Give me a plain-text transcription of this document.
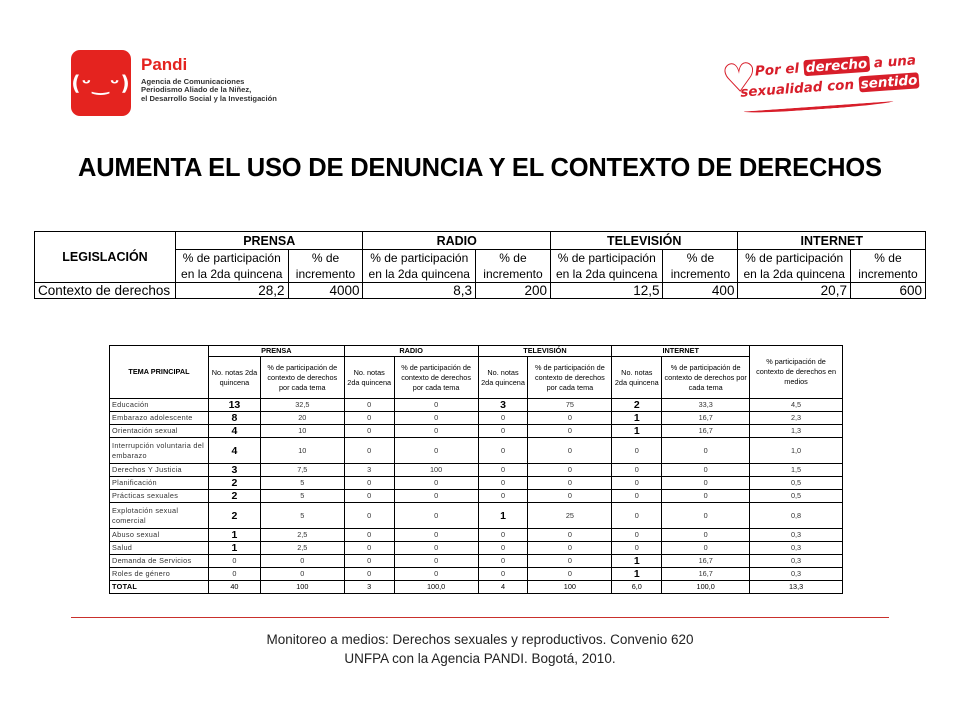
(ᵕ‿ᵕ)
Pandi
Agencia de Comunicaciones
Periodismo Aliado de la Niñez,
el Desarrollo Social y la Investigación	♡
Por el derecho a una
sexualidad con sentido
AUMENTA EL USO DE DENUNCIA Y EL CONTEXTO DE DERECHOS
LEGISLACIÓN	PRENSA		RADIO		TELEVISIÓN		INTERNET	
	% de participación en la 2da quincena	% de incremento	% de participación en la 2da quincena	% de incremento	% de participación en la 2da quincena	% de incremento	% de participación en la 2da quincena	% de incremento
Contexto de derechos	28,2	4000	8,3	200	12,5	400	20,7	600
TEMA PRINCIPAL	PRENSA		RADIO		TELEVISIÓN		INTERNET		% participación de contexto de derechos en medios
	No. notas 2da quincena	% de participación de contexto de derechos por cada tema	No. notas 2da quincena	% de participación de contexto de derechos por cada tema	No. notas 2da quincena	% de participación de contexto de derechos por cada tema	No. notas 2da quincena	% de participación de contexto de derechos por cada tema	
Educación	13	32,5	0	0	3	75	2	33,3	4,5
Embarazo adolescente	8	20	0	0	0	0	1	16,7	2,3
Orientación sexual	4	10	0	0	0	0	1	16,7	1,3
Interrupción voluntaria del embarazo	4	10	0	0	0	0	0	0	1,0
Derechos Y Justicia	3	7,5	3	100	0	0	0	0	1,5
Planificación	2	5	0	0	0	0	0	0	0,5
Prácticas sexuales	2	5	0	0	0	0	0	0	0,5
Explotación sexual comercial	2	5	0	0	1	25	0	0	0,8
Abuso sexual	1	2,5	0	0	0	0	0	0	0,3
Salud	1	2,5	0	0	0	0	0	0	0,3
Demanda de Servicios	0	0	0	0	0	0	1	16,7	0,3
Roles de género	0	0	0	0	0	0	1	16,7	0,3
TOTAL	40	100	3	100,0	4	100	6,0	100,0	13,3
Monitoreo a medios: Derechos sexuales y reproductivos. Convenio 620
UNFPA con la Agencia PANDI. Bogotá, 2010.
